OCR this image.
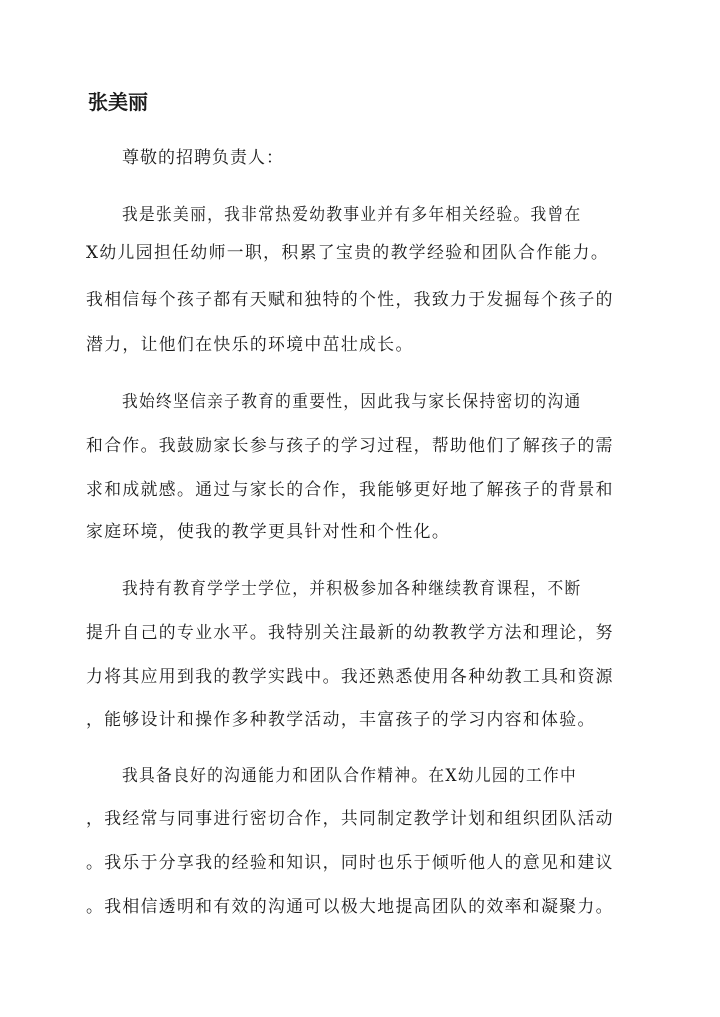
张美丽

尊敬的招聘负责人：

我是张美丽，我非常热爱幼教事业并有多年相关经验。我曾在

X幼儿园担任幼师一职，积累了宝贵的教学经验和团队合作能力。

我相信每个孩子都有天赋和独特的个性，我致力于发掘每个孩子的

潜力，让他们在快乐的环境中茁壮成长。

我始终坚信亲子教育的重要性，因此我与家长保持密切的沟通

和合作。我鼓励家长参与孩子的学习过程，帮助他们了解孩子的需

求和成就感。通过与家长的合作，我能够更好地了解孩子的背景和

家庭环境，使我的教学更具针对性和个性化。

我持有教育学学士学位，并积极参加各种继续教育课程，不断

提升自己的专业水平。我特别关注最新的幼教教学方法和理论，努

力将其应用到我的教学实践中。我还熟悉使用各种幼教工具和资源

，能够设计和操作多种教学活动，丰富孩子的学习内容和体验。

我具备良好的沟通能力和团队合作精神。在X幼儿园的工作中

，我经常与同事进行密切合作，共同制定教学计划和组织团队活动

。我乐于分享我的经验和知识，同时也乐于倾听他人的意见和建议

。我相信透明和有效的沟通可以极大地提高团队的效率和凝聚力。
